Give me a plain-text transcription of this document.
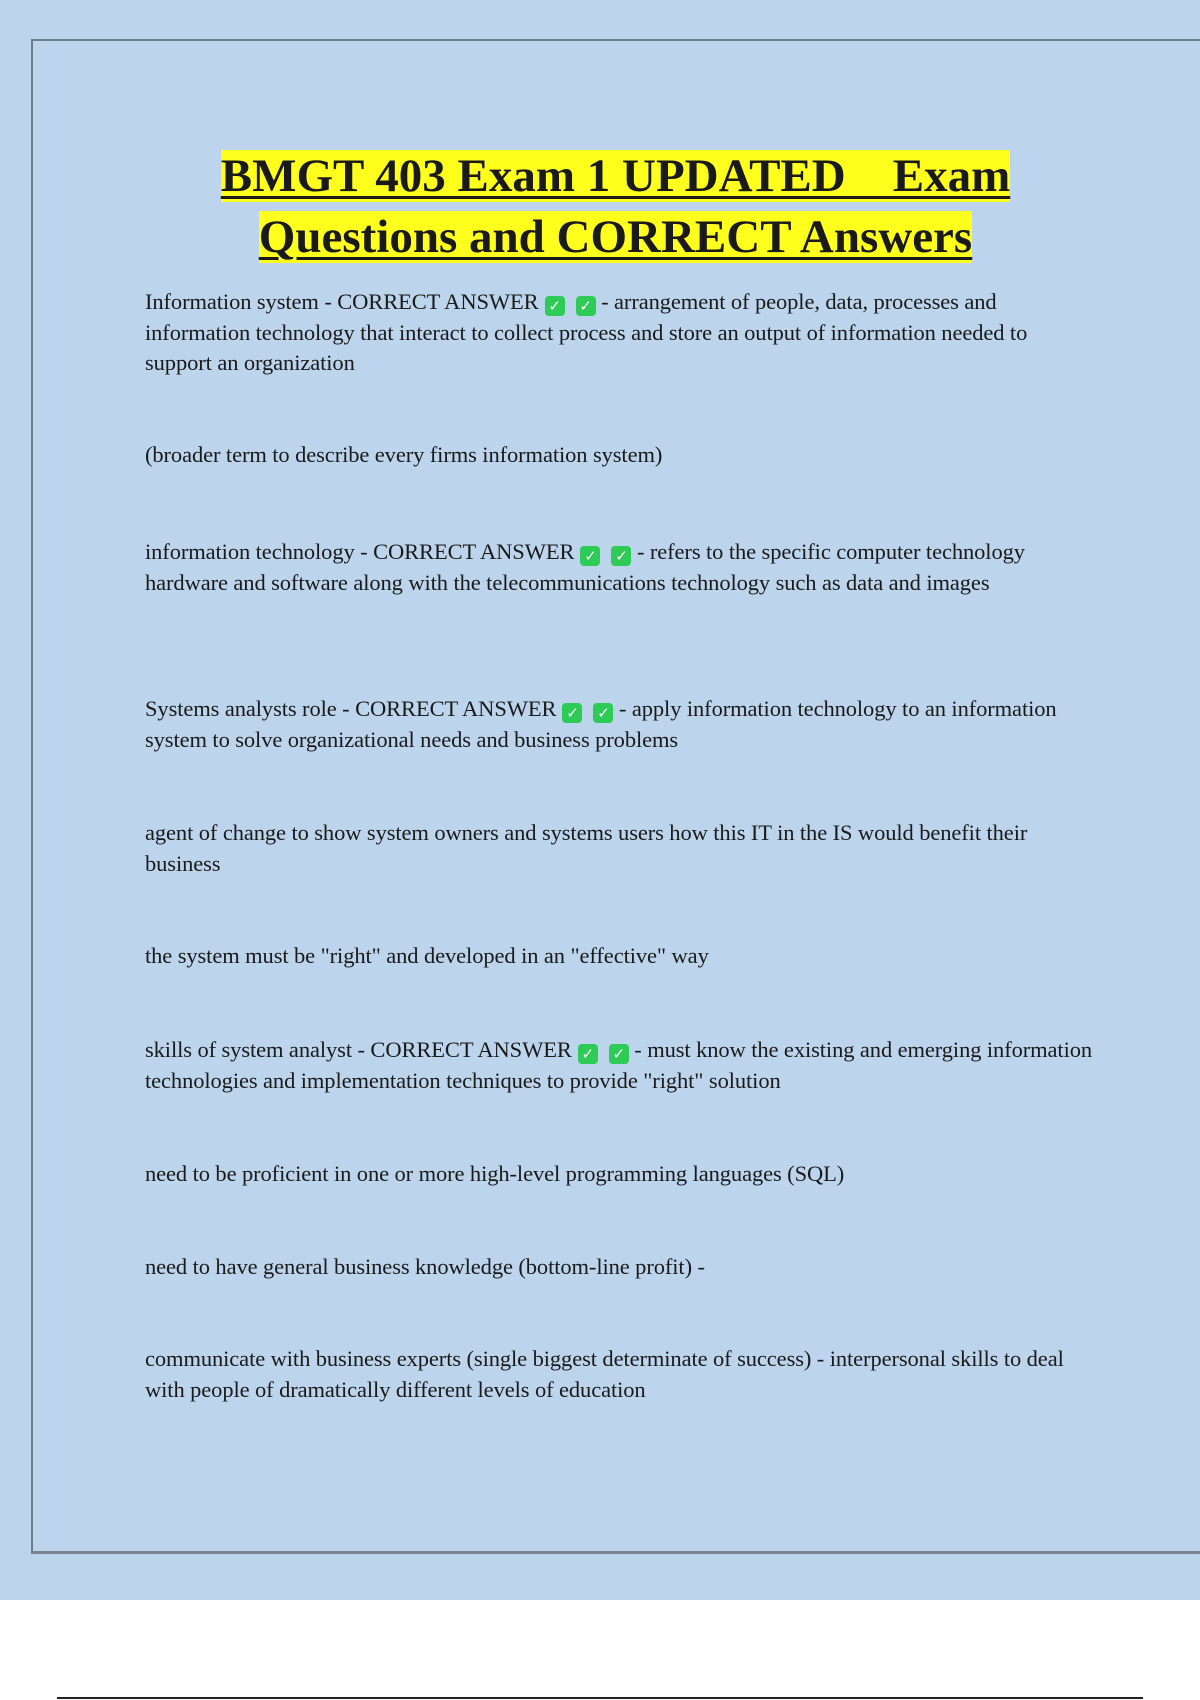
BMGT 403 Exam 1 UPDATED    Exam
Questions and CORRECT Answers

Information system - CORRECT ANSWER ✓ ✓ - arrangement of people, data, processes and information technology that interact to collect process and store an output of information needed to support an organization

(broader term to describe every firms information system)

information technology - CORRECT ANSWER ✓ ✓ - refers to the specific computer technology hardware and software along with the telecommunications technology such as data and images

Systems analysts role - CORRECT ANSWER ✓ ✓ - apply information technology to an information system to solve organizational needs and business problems

agent of change to show system owners and systems users how this IT in the IS would benefit their business

the system must be "right" and developed in an "effective" way

skills of system analyst - CORRECT ANSWER ✓ ✓ - must know the existing and emerging information technologies and implementation techniques to provide "right" solution

need to be proficient in one or more high-level programming languages (SQL)

need to have general business knowledge (bottom-line profit) -

communicate with business experts (single biggest determinate of success) - interpersonal skills to deal with people of dramatically different levels of education
